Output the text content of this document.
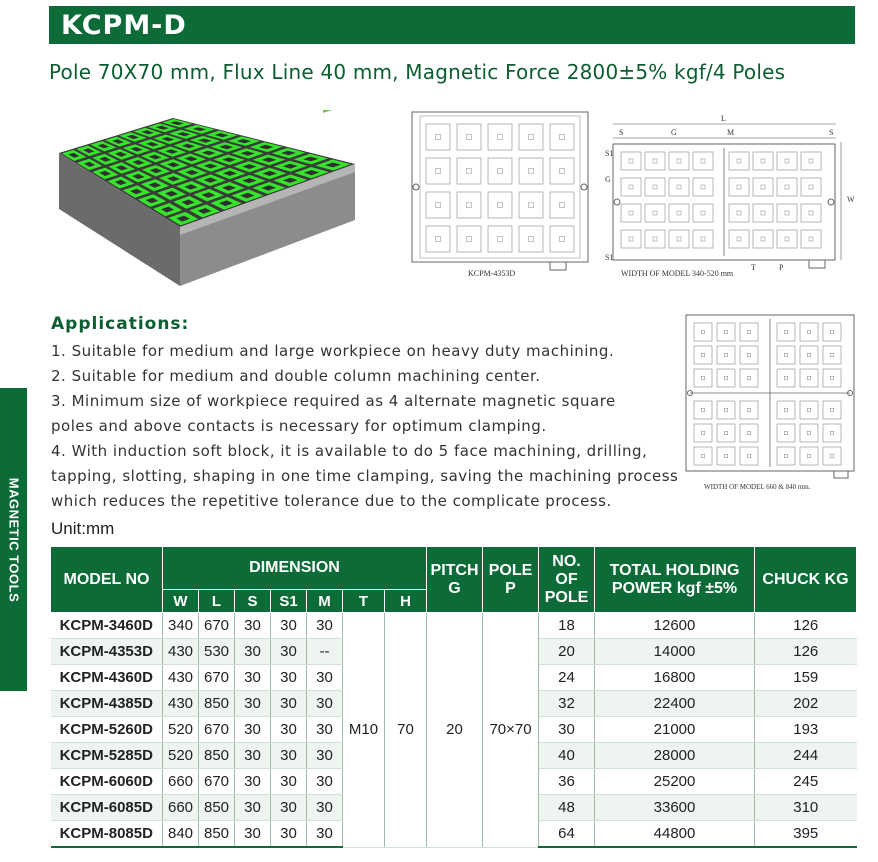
KCPM-D
Pole 70X70 mm, Flux Line 40 mm, Magnetic Force 2800±5% kgf/4 Poles
MAGNETIC TOOLS
KCPM-4353D
L
S	G	M	S
S1
G
S1
W
T	P
WIDTH OF MODEL 340-520 mm
WIDTH OF MODEL 660 & 840 mm.
Applications:

1. Suitable for medium and large workpiece on heavy duty machining.

2. Suitable for medium and double column machining center.

3. Minimum size of workpiece required as 4 alternate magnetic square poles and above contacts is necessary for optimum clamping.

4. With induction soft block, it is available to do 5 face machining, drilling, tapping, slotting, shaping in one time clamping, saving the machining process which reduces the repetitive tolerance due to the complicate process.

Unit:mm
MODEL NO	DIMENSION							PITCH G	POLE P	NO. OF POLE	TOTAL HOLDING POWER kgf ±5%	CHUCK KG
	W	L	S	S1	M	T	H					
KCPM-3460D	340	670	30	30	30	M10	70	20	70×70	18	12600	126
KCPM-4353D	430	530	30	30	--					20	14000	126
KCPM-4360D	430	670	30	30	30					24	16800	159
KCPM-4385D	430	850	30	30	30					32	22400	202
KCPM-5260D	520	670	30	30	30					30	21000	193
KCPM-5285D	520	850	30	30	30					40	28000	244
KCPM-6060D	660	670	30	30	30					36	25200	245
KCPM-6085D	660	850	30	30	30					48	33600	310
KCPM-8085D	840	850	30	30	30					64	44800	395
